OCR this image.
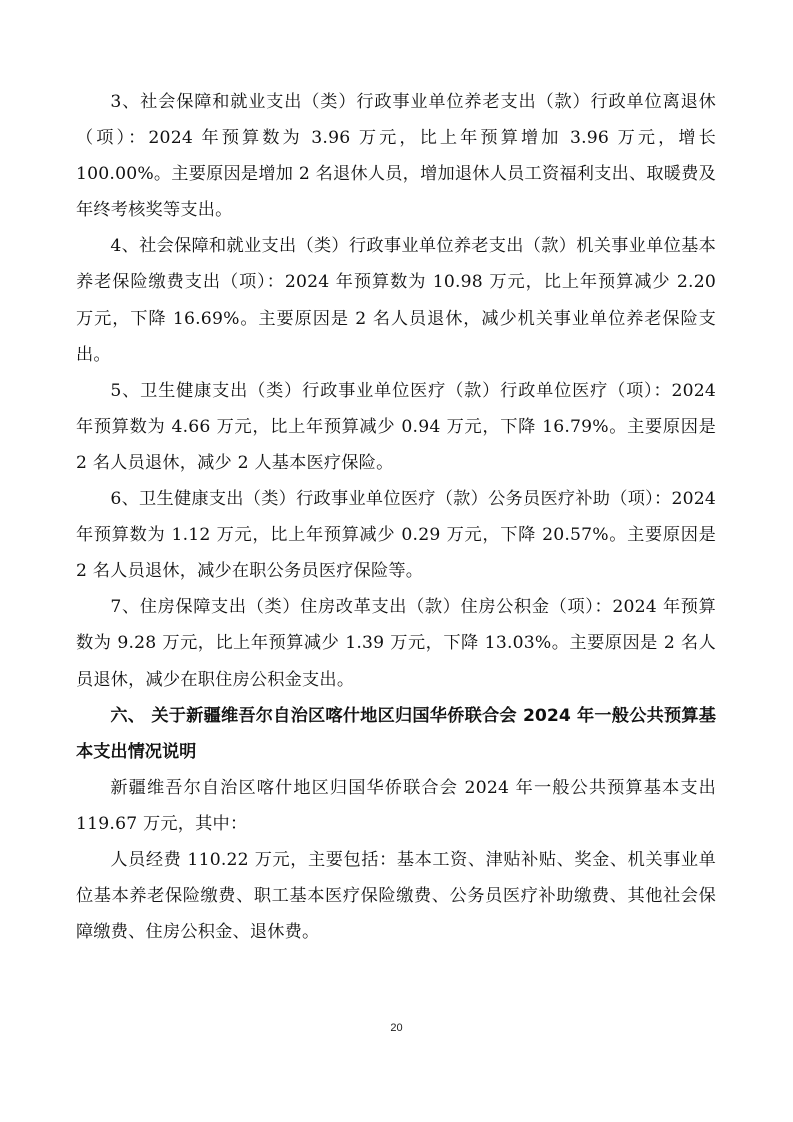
3、社会保障和就业支出（类）行政事业单位养老支出（款）行政单位离退休（项）：2024 年预算数为 3.96 万元，比上年预算增加 3.96 万元，增长 100.00%。主要原因是增加 2 名退休人员，增加退休人员工资福利支出、取暖费及年终考核奖等支出。

4、社会保障和就业支出（类）行政事业单位养老支出（款）机关事业单位基本养老保险缴费支出（项）：2024 年预算数为 10.98 万元，比上年预算减少 2.20 万元，下降 16.69%。主要原因是 2 名人员退休，减少机关事业单位养老保险支出。

5、卫生健康支出（类）行政事业单位医疗（款）行政单位医疗（项）：2024 年预算数为 4.66 万元，比上年预算减少 0.94 万元，下降 16.79%。主要原因是 2 名人员退休，减少 2 人基本医疗保险。

6、卫生健康支出（类）行政事业单位医疗（款）公务员医疗补助（项）：2024 年预算数为 1.12 万元，比上年预算减少 0.29 万元，下降 20.57%。主要原因是 2 名人员退休，减少在职公务员医疗保险等。

7、住房保障支出（类）住房改革支出（款）住房公积金（项）：2024 年预算数为 9.28 万元，比上年预算减少 1.39 万元，下降 13.03%。主要原因是 2 名人员退休，减少在职住房公积金支出。

六、 关于新疆维吾尔自治区喀什地区归国华侨联合会 2024 年一般公共预算基本支出情况说明

新疆维吾尔自治区喀什地区归国华侨联合会 2024 年一般公共预算基本支出 119.67 万元，其中：

人员经费 110.22 万元，主要包括：基本工资、津贴补贴、奖金、机关事业单位基本养老保险缴费、职工基本医疗保险缴费、公务员医疗补助缴费、其他社会保障缴费、住房公积金、退休费。

20
